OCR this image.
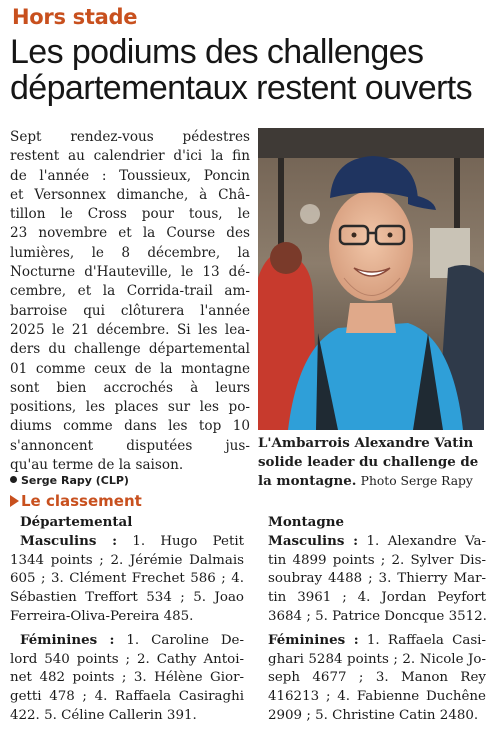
Hors stade
Les podiums des challenges
départementaux restent ouverts
Sept rendez-vous pédestres
restent au calendrier d'ici la fin
de l'année : Toussieux, Poncin
et Versonnex dimanche, à Châ-
tillon le Cross pour tous, le
23 novembre et la Course des
lumières, le 8 décembre, la
Nocturne d'Hauteville, le 13 dé-
cembre, et la Corrida-trail am-
barroise qui clôturera l'année
2025 le 21 décembre. Si les lea-
ders du challenge départemental
01 comme ceux de la montagne
sont bien accrochés à leurs
positions, les places sur les po-
diums comme dans les top 10
s'annoncent disputées jus-
qu'au terme de la saison.
Serge Rapy (CLP)
Le classement
L'Ambarrois Alexandre Vatin solide leader du challenge de la montagne. Photo Serge Rapy
Départemental
Masculins : 1. Hugo Petit
1344 points ; 2. Jérémie Dalmais
605 ; 3. Clément Frechet 586 ; 4.
Sébastien Treffort 534 ; 5. Joao
Ferreira-Oliva-Pereira 485.
Féminines : 1. Caroline De-
lord 540 points ; 2. Cathy Antoi-
net 482 points ; 3. Hélène Gior-
getti 478 ; 4. Raffaela Casiraghi
422. 5. Céline Callerin 391.
Montagne
Masculins : 1. Alexandre Va-
tin 4899 points ; 2. Sylver Dis-
soubray 4488 ; 3. Thierry Mar-
tin 3961 ; 4. Jordan Peyfort
3684 ; 5. Patrice Doncque 3512.
Féminines : 1. Raffaela Casi-
ghari 5284 points ; 2. Nicole Jo-
seph 4677 ; 3. Manon Rey
416213 ; 4. Fabienne Duchêne
2909 ; 5. Christine Catin 2480.
